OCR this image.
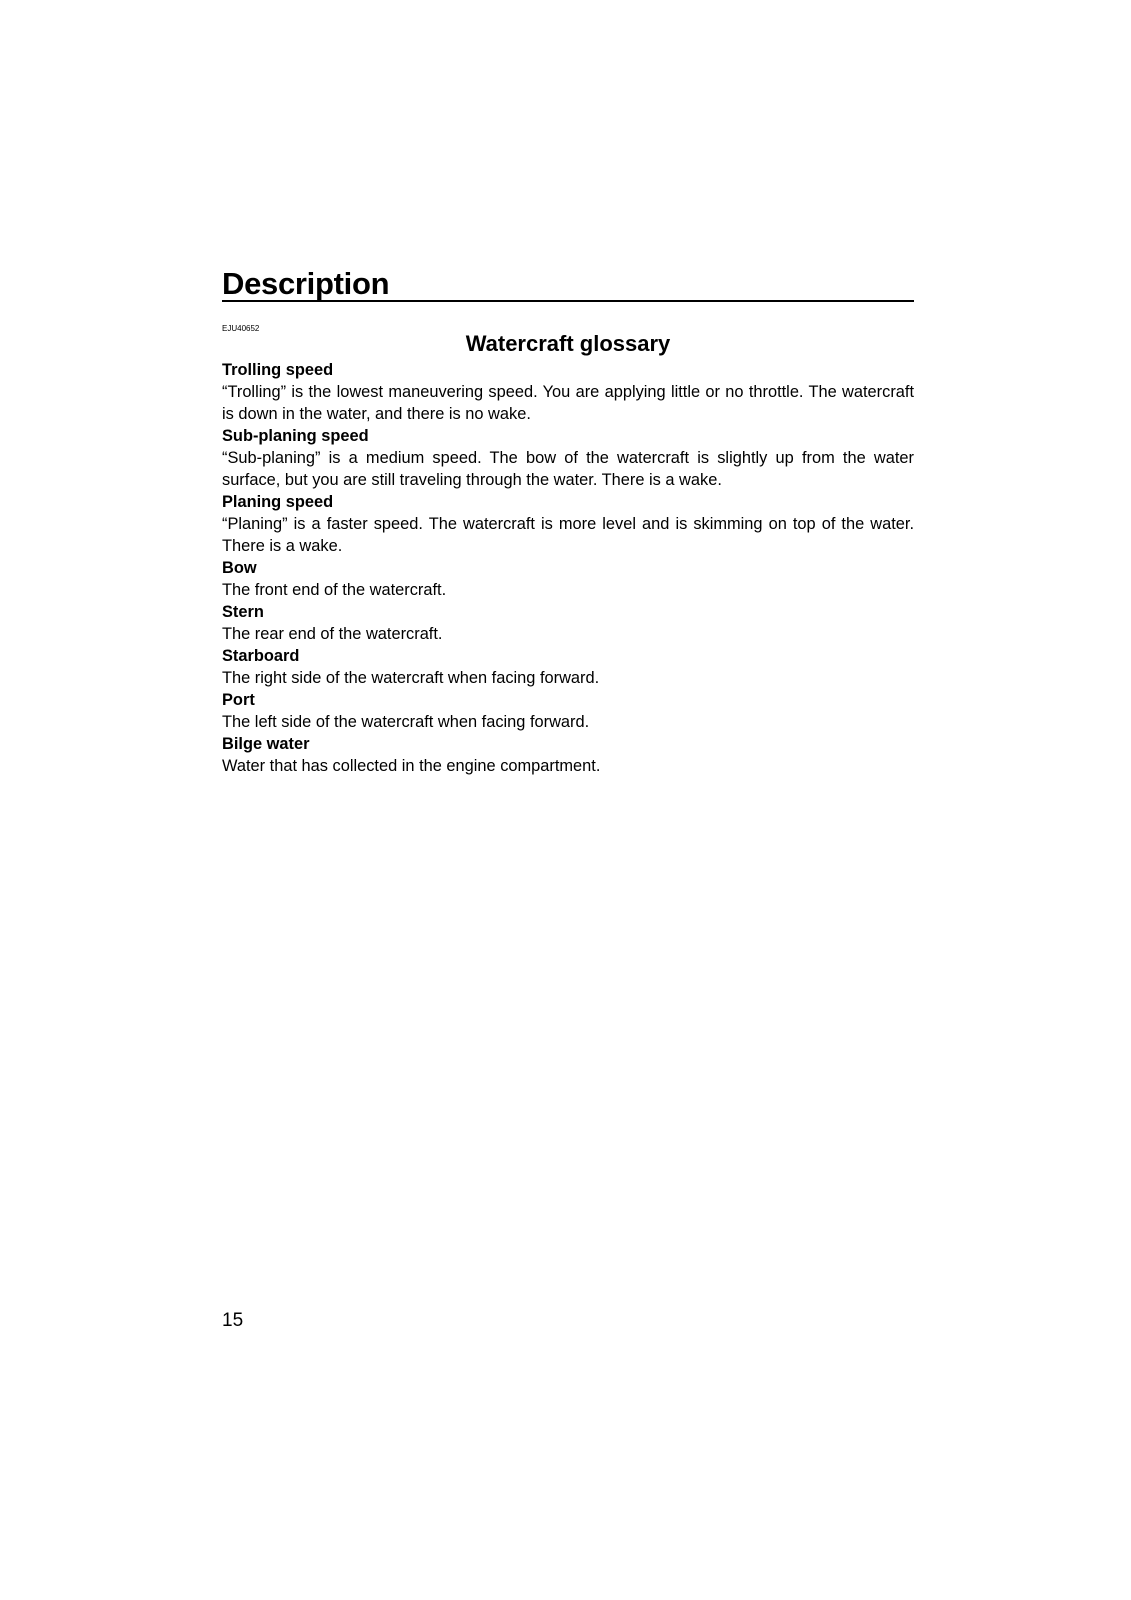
Description
EJU40652
Watercraft glossary
Trolling speed
“Trolling” is the lowest maneuvering speed. You are applying little or no throttle. The watercraft is down in the water, and there is no wake.
Sub-planing speed
“Sub-planing” is a medium speed. The bow of the watercraft is slightly up from the water surface, but you are still traveling through the water. There is a wake.
Planing speed
“Planing” is a faster speed. The watercraft is more level and is skimming on top of the water. There is a wake.
Bow
The front end of the watercraft.
Stern
The rear end of the watercraft.
Starboard
The right side of the watercraft when facing forward.
Port
The left side of the watercraft when facing forward.
Bilge water
Water that has collected in the engine compartment.
15
